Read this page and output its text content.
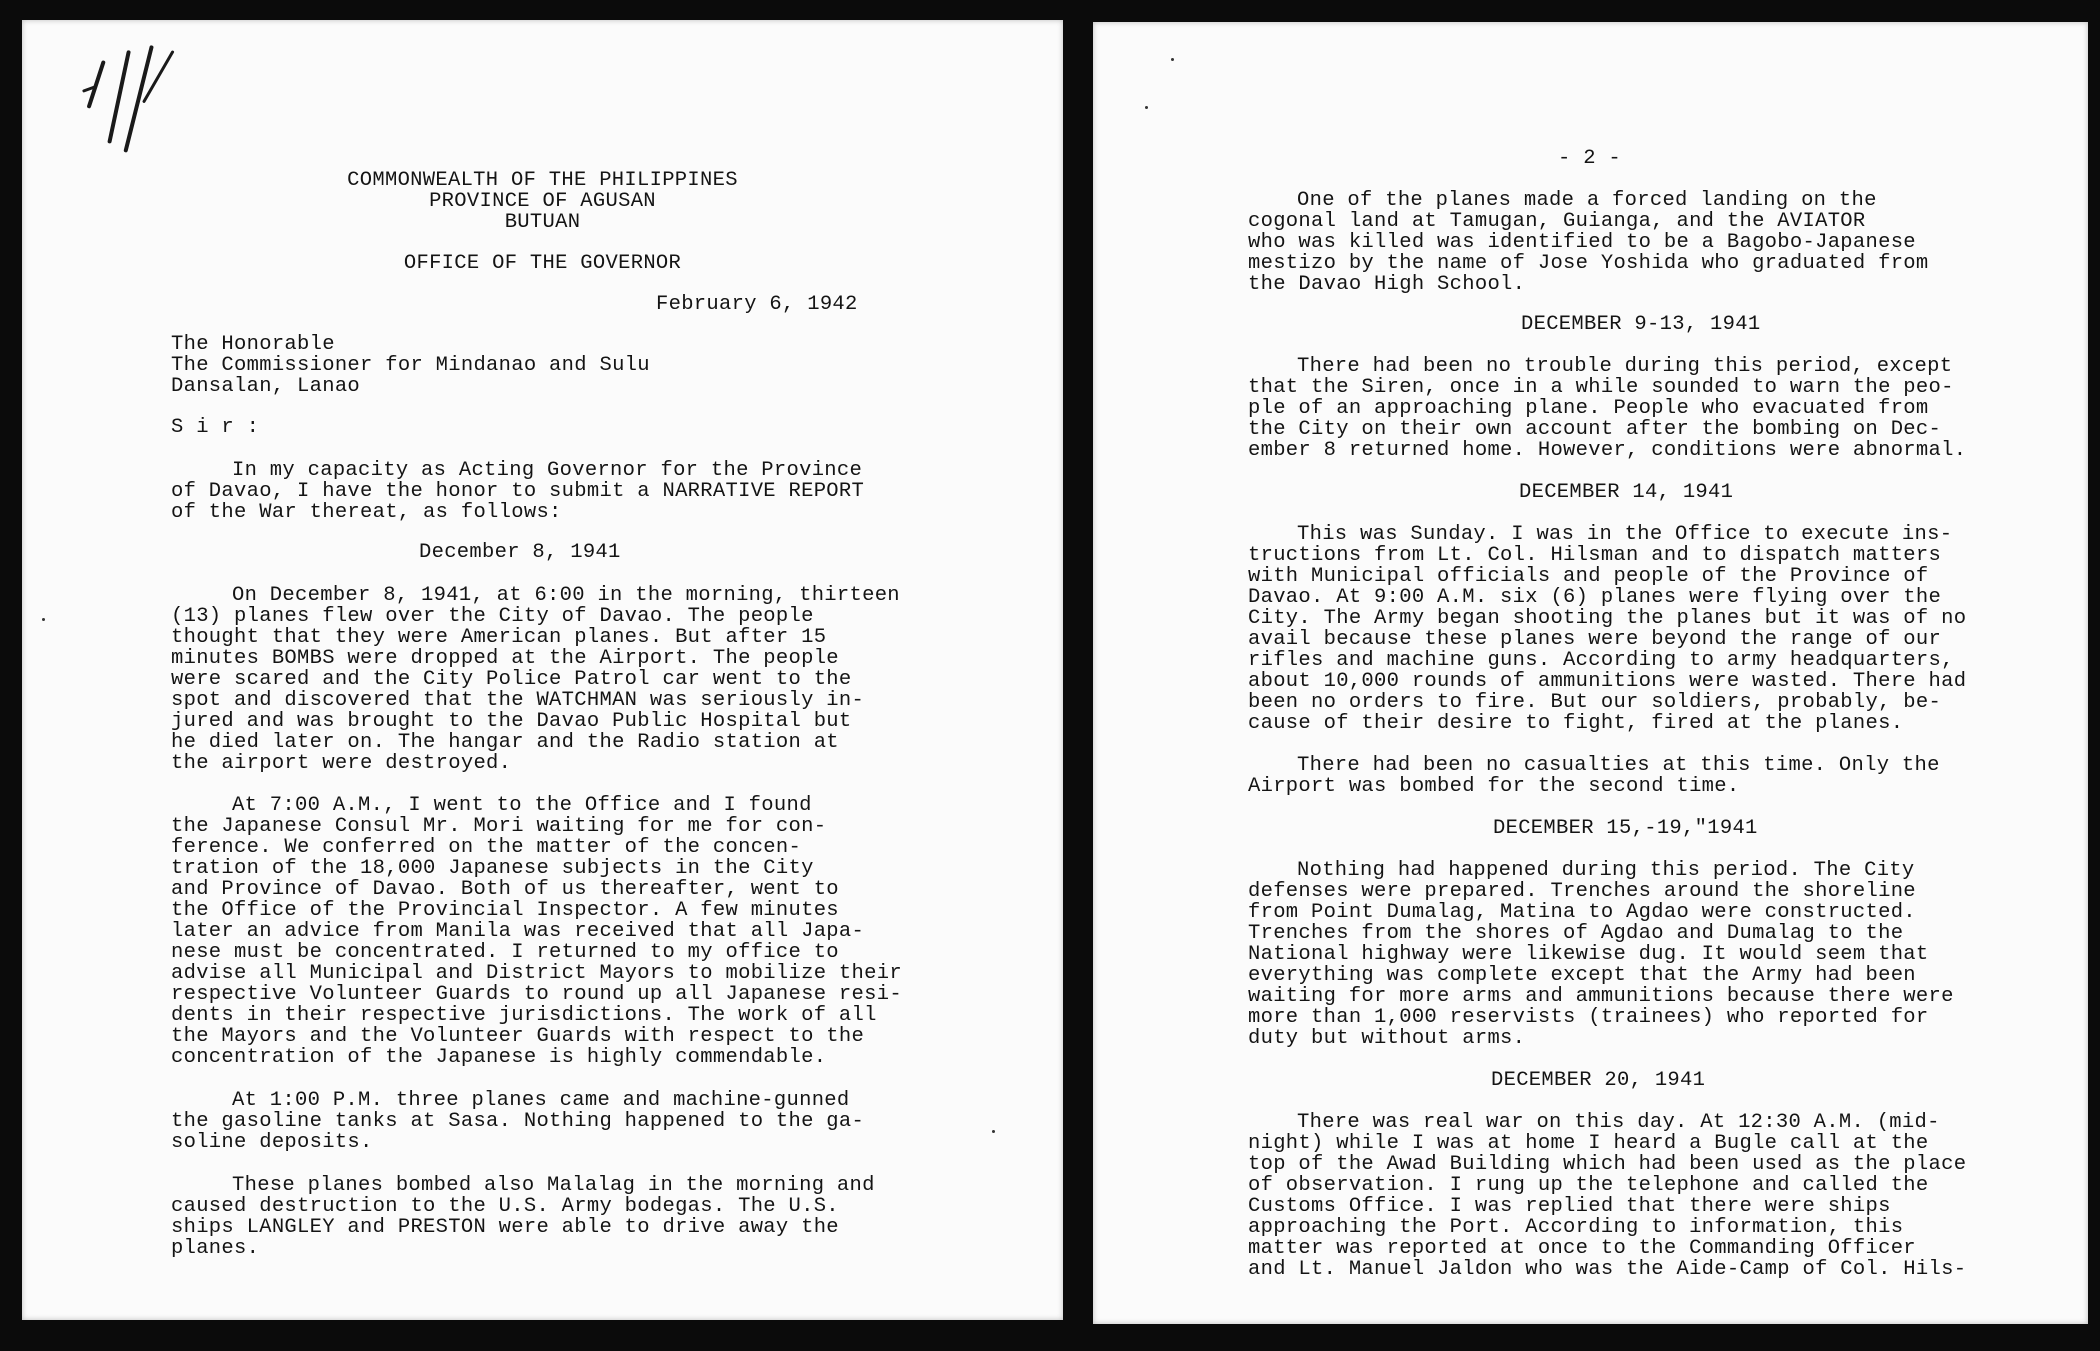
COMMONWEALTH OF THE PHILIPPINES
PROVINCE OF AGUSAN
BUTUAN
OFFICE OF THE GOVERNOR
February 6, 1942
The Honorable
The Commissioner for Mindanao and Sulu
Dansalan, Lanao
S i r :
In my capacity as Acting Governor for the Province
of Davao, I have the honor to submit a NARRATIVE REPORT
of the War thereat, as follows:
December 8, 1941
On December 8, 1941, at 6:00 in the morning, thirteen
(13) planes flew over the City of Davao. The people
thought that they were American planes. But after 15
minutes BOMBS were dropped at the Airport. The people
were scared and the City Police Patrol car went to the
spot and discovered that the WATCHMAN was seriously in-
jured and was brought to the Davao Public Hospital but
he died later on. The hangar and the Radio station at
the airport were destroyed.
At 7:00 A.M., I went to the Office and I found
the Japanese Consul Mr. Mori waiting for me for con-
ference. We conferred on the matter of the concen-
tration of the 18,000 Japanese subjects in the City
and Province of Davao. Both of us thereafter, went to
the Office of the Provincial Inspector. A few minutes
later an advice from Manila was received that all Japa-
nese must be concentrated. I returned to my office to
advise all Municipal and District Mayors to mobilize their
respective Volunteer Guards to round up all Japanese resi-
dents in their respective jurisdictions. The work of all
the Mayors and the Volunteer Guards with respect to the
concentration of the Japanese is highly commendable.
At 1:00 P.M. three planes came and machine-gunned
the gasoline tanks at Sasa. Nothing happened to the ga-
soline deposits.
These planes bombed also Malalag in the morning and
caused destruction to the U.S. Army bodegas. The U.S.
ships LANGLEY and PRESTON were able to drive away the
planes.
- 2 -
One of the planes made a forced landing on the
cogonal land at Tamugan, Guianga, and the AVIATOR
who was killed was identified to be a Bagobo-Japanese
mestizo by the name of Jose Yoshida who graduated from
the Davao High School.
DECEMBER 9-13, 1941
There had been no trouble during this period, except
that the Siren, once in a while sounded to warn the peo-
ple of an approaching plane. People who evacuated from
the City on their own account after the bombing on Dec-
ember 8 returned home. However, conditions were abnormal.
DECEMBER 14, 1941
This was Sunday. I was in the Office to execute ins-
tructions from Lt. Col. Hilsman and to dispatch matters
with Municipal officials and people of the Province of
Davao. At 9:00 A.M. six (6) planes were flying over the
City. The Army began shooting the planes but it was of no
avail because these planes were beyond the range of our
rifles and machine guns. According to army headquarters,
about 10,000 rounds of ammunitions were wasted. There had
been no orders to fire. But our soldiers, probably, be-
cause of their desire to fight, fired at the planes.
There had been no casualties at this time. Only the
Airport was bombed for the second time.
DECEMBER 15,-19,ʺ1941
Nothing had happened during this period. The City
defenses were prepared. Trenches around the shoreline
from Point Dumalag, Matina to Agdao were constructed.
Trenches from the shores of Agdao and Dumalag to the
National highway were likewise dug. It would seem that
everything was complete except that the Army had been
waiting for more arms and ammunitions because there were
more than 1,000 reservists (trainees) who reported for
duty but without arms.
DECEMBER 20, 1941
There was real war on this day. At 12:30 A.M. (mid-
night) while I was at home I heard a Bugle call at the
top of the Awad Building which had been used as the place
of observation. I rung up the telephone and called the
Customs Office. I was replied that there were ships
approaching the Port. According to information, this
matter was reported at once to the Commanding Officer
and Lt. Manuel Jaldon who was the Aide-Camp of Col. Hils-
